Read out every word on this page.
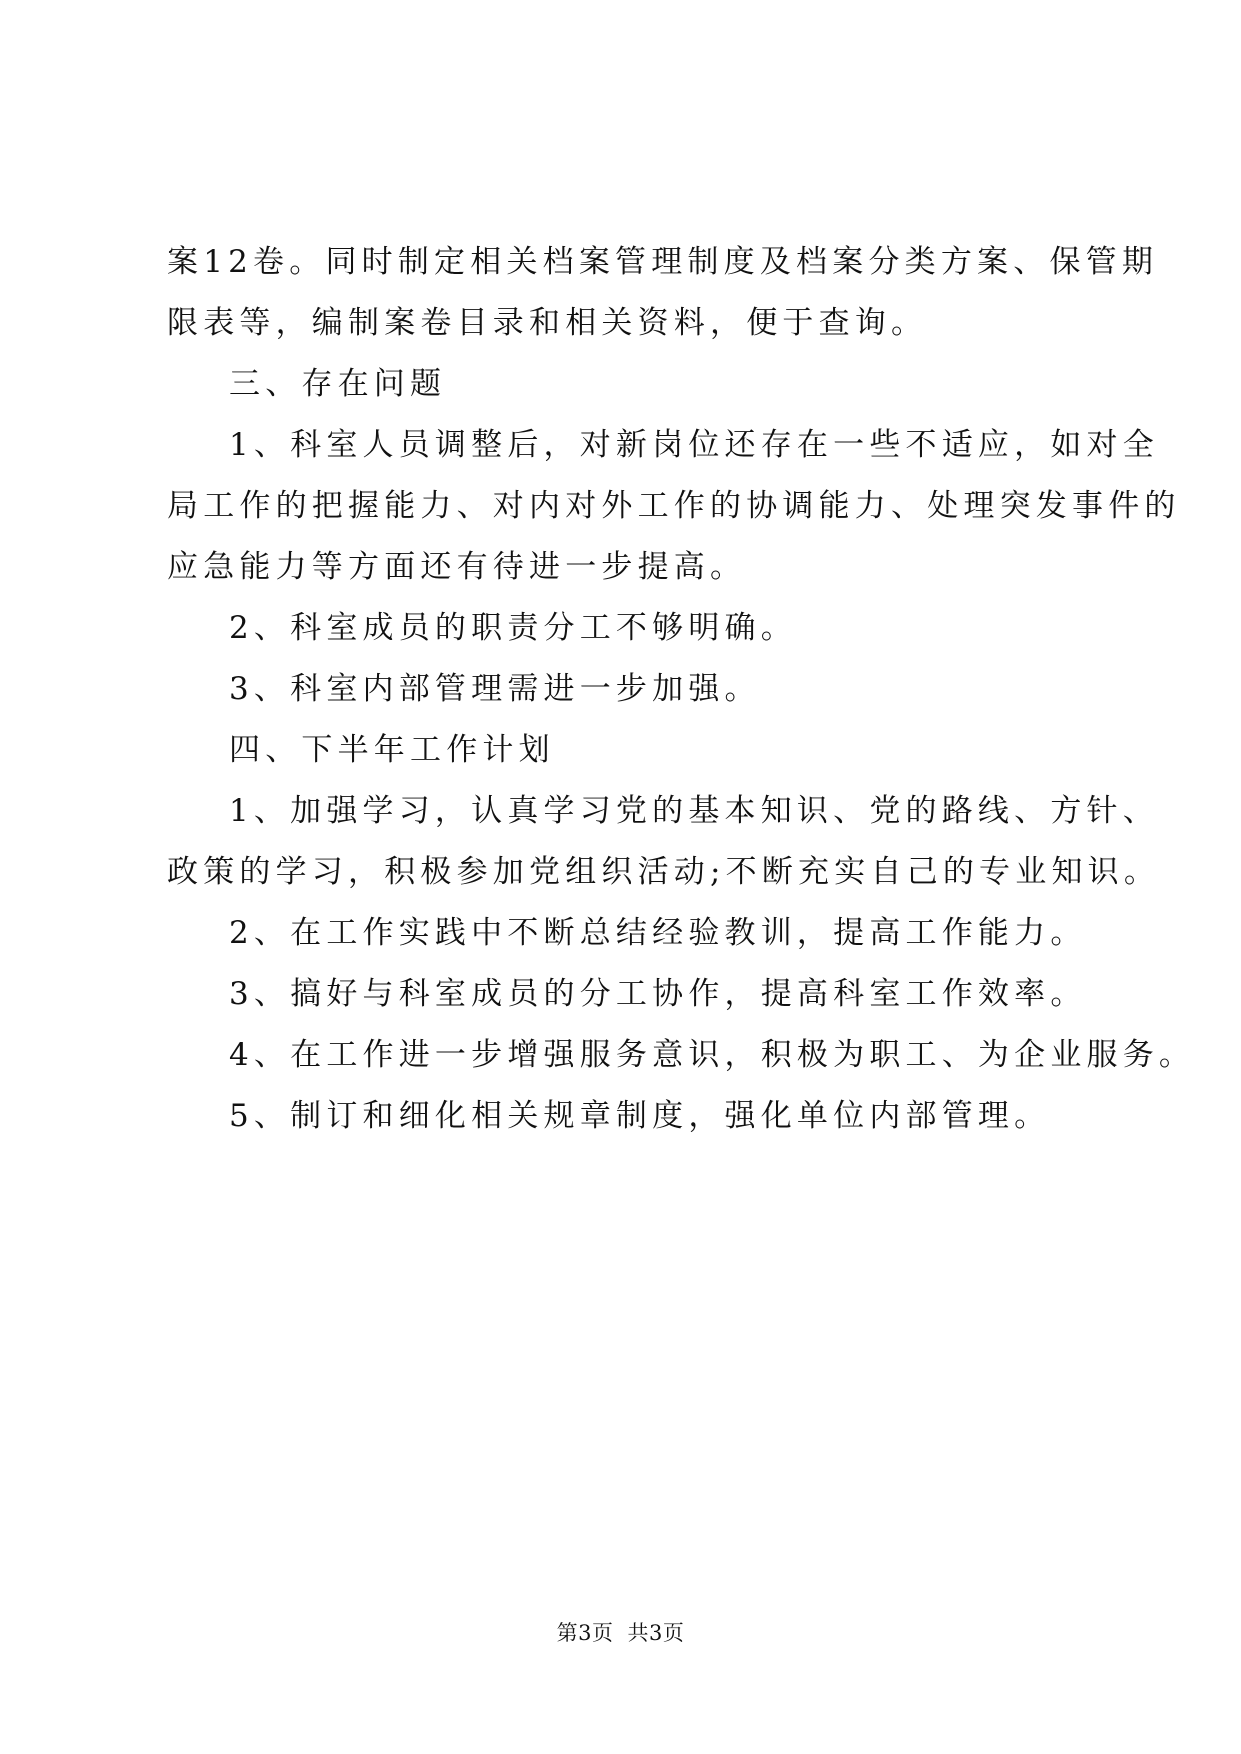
案12卷。同时制定相关档案管理制度及档案分类方案、保管期
限表等，编制案卷目录和相关资料，便于查询。
三、存在问题
1、科室人员调整后，对新岗位还存在一些不适应，如对全
局工作的把握能力、对内对外工作的协调能力、处理突发事件的
应急能力等方面还有待进一步提高。
2、科室成员的职责分工不够明确。
3、科室内部管理需进一步加强。
四、下半年工作计划
1、加强学习，认真学习党的基本知识、党的路线、方针、
政策的学习，积极参加党组织活动;不断充实自己的专业知识。
2、在工作实践中不断总结经验教训，提高工作能力。
3、搞好与科室成员的分工协作，提高科室工作效率。
4、在工作进一步增强服务意识，积极为职工、为企业服务。
5、制订和细化相关规章制度，强化单位内部管理。
第3页 共3页
